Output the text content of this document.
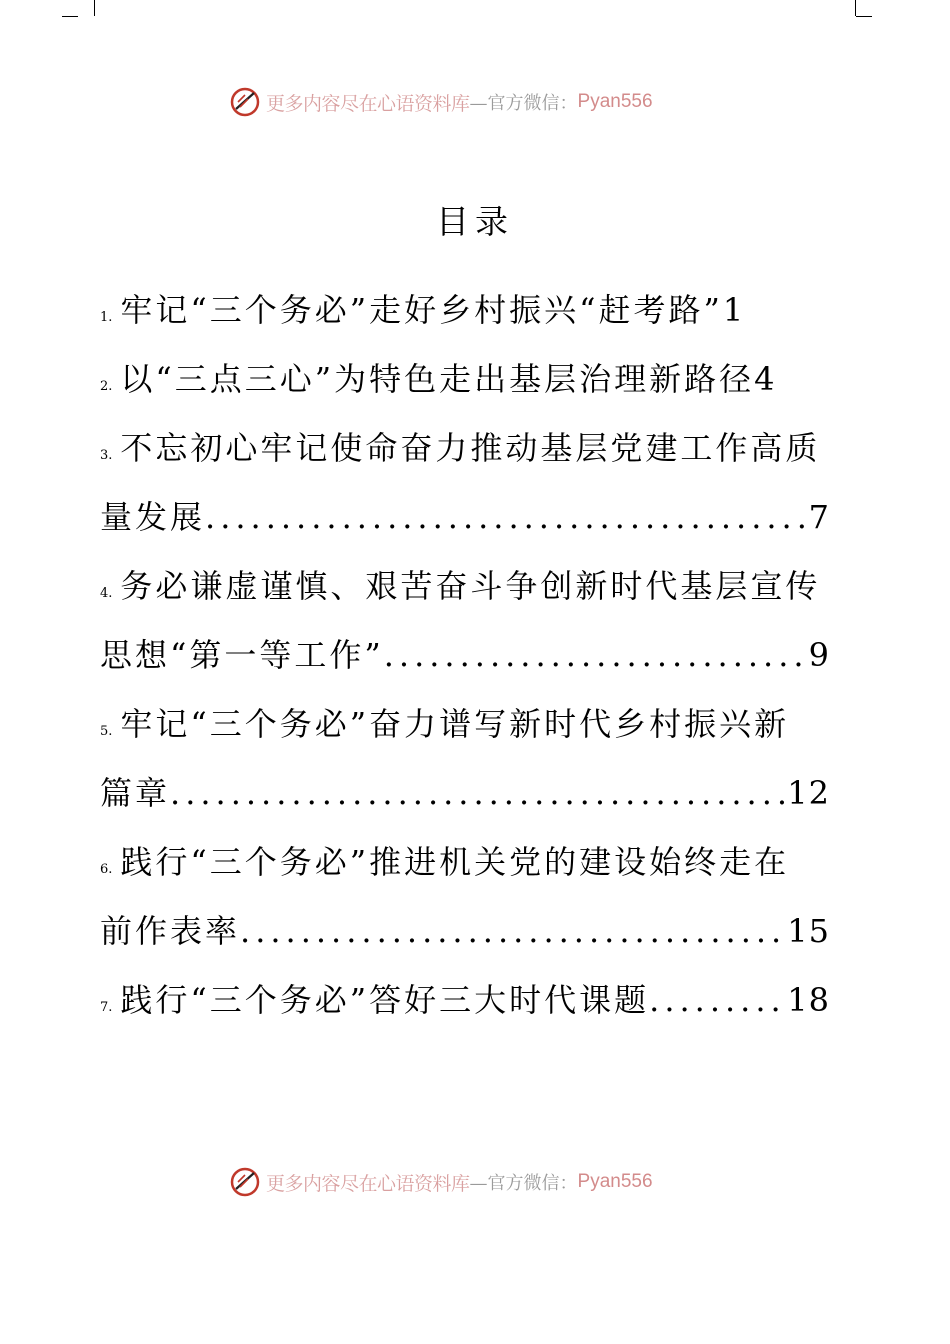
更多内容尽在心语资料库 —官方微信： Pyan556
目录
1. 牢记“三个务必”走好乡村振兴“赶考路” 1
2. 以“三点三心”为特色走出基层治理新路径 4
3. 不忘初心牢记使命奋力推动基层党建工作高质
量发展 .....	7
4. 务必谦虚谨慎、艰苦奋斗争创新时代基层宣传
思想“第一等工作” .....	9
5. 牢记“三个务必”奋力谱写新时代乡村振兴新
篇章 .....	12
6. 践行“三个务必”推进机关党的建设始终走在
前作表率 .....	15
7. 践行“三个务必”答好三大时代课题 .....	18
更多内容尽在心语资料库 —官方微信： Pyan556
